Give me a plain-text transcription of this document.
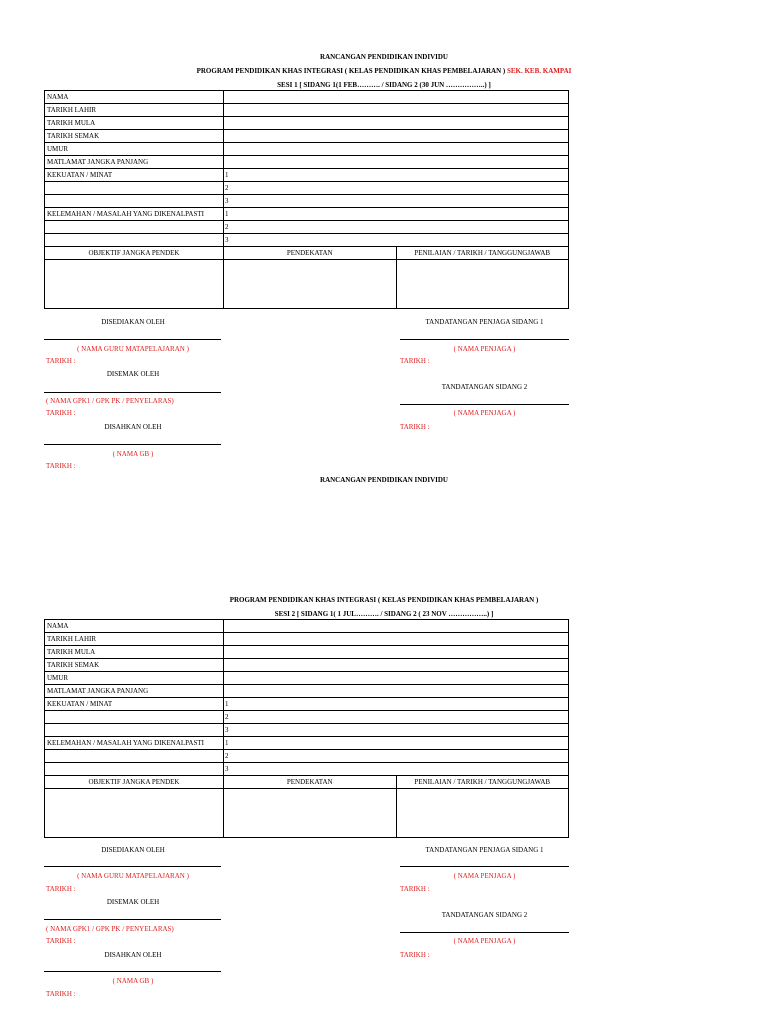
RANCANGAN PENDIDIKAN INDIVIDU
PROGRAM PENDIDIKAN KHAS INTEGRASI ( KELAS PENDIDIKAN KHAS PEMBELAJARAN ) SEK. KEB. KAMPAI
SESI 1 [ SIDANG 1(1 FEB………. / SIDANG 2 (30 JUN ……………..) ]
NAMA		
TARIKH LAHIR		
TARIKH MULA		
TARIKH SEMAK		
UMUR		
MATLAMAT JANGKA PANJANG		
KEKUATAN / MINAT	1	
	2	
	3	
KELEMAHAN / MASALAH YANG DIKENALPASTI	1	
	2	
	3	
OBJEKTIF JANGKA PENDEK	PENDEKATAN	PENILAIAN / TARIKH / TANGGUNGJAWAB

DISEDIAKAN OLEH	TANDATANGAN PENJAGA SIDANG 1
( NAMA GURU MATAPELAJARAN )	( NAMA PENJAGA )
TARIKH :	TARIKH :
DISEMAK OLEH
TANDATANGAN SIDANG 2
( NAMA GPK1 / GPK PK / PENYELARAS)
TARIKH :	( NAMA PENJAGA )
DISAHKAN OLEH	TARIKH :
( NAMA GB )
TARIKH :
RANCANGAN PENDIDIKAN INDIVIDU
PROGRAM PENDIDIKAN KHAS INTEGRASI ( KELAS PENDIDIKAN KHAS PEMBELAJARAN )
SESI 2 [ SIDANG 1( 1 JUL………. / SIDANG 2 ( 23 NOV ……………..) ]
NAMA		
TARIKH LAHIR		
TARIKH MULA		
TARIKH SEMAK		
UMUR		
MATLAMAT JANGKA PANJANG		
KEKUATAN / MINAT	1	
	2	
	3	
KELEMAHAN / MASALAH YANG DIKENALPASTI	1	
	2	
	3	
OBJEKTIF JANGKA PENDEK	PENDEKATAN	PENILAIAN / TARIKH / TANGGUNGJAWAB

DISEDIAKAN OLEH	TANDATANGAN PENJAGA SIDANG 1
( NAMA GURU MATAPELAJARAN )	( NAMA PENJAGA )
TARIKH :	TARIKH :
DISEMAK OLEH
TANDATANGAN SIDANG 2
( NAMA GPK1 / GPK PK / PENYELARAS)
TARIKH :	( NAMA PENJAGA )
DISAHKAN OLEH	TARIKH :
( NAMA GB )
TARIKH :
